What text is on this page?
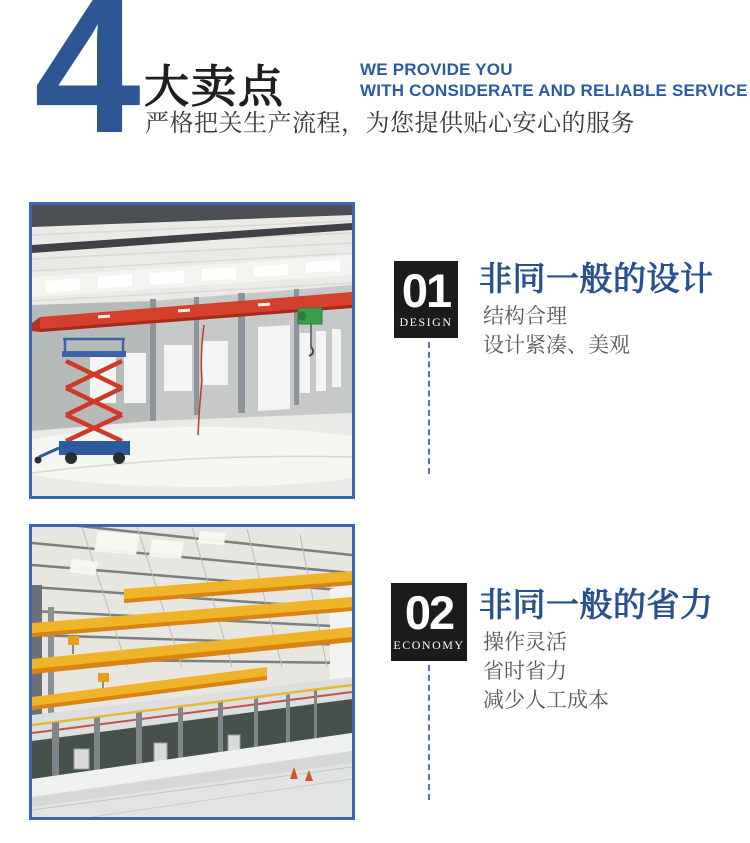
4 大卖点
严格把关生产流程，为您提供贴心安心的服务
WE PROVIDE YOU
WITH CONSIDERATE AND RELIABLE SERVICE
01
DESIGN
非同一般的设计
结构合理
设计紧凑、美观
02
ECONOMY
非同一般的省力
操作灵活
省时省力
减少人工成本
